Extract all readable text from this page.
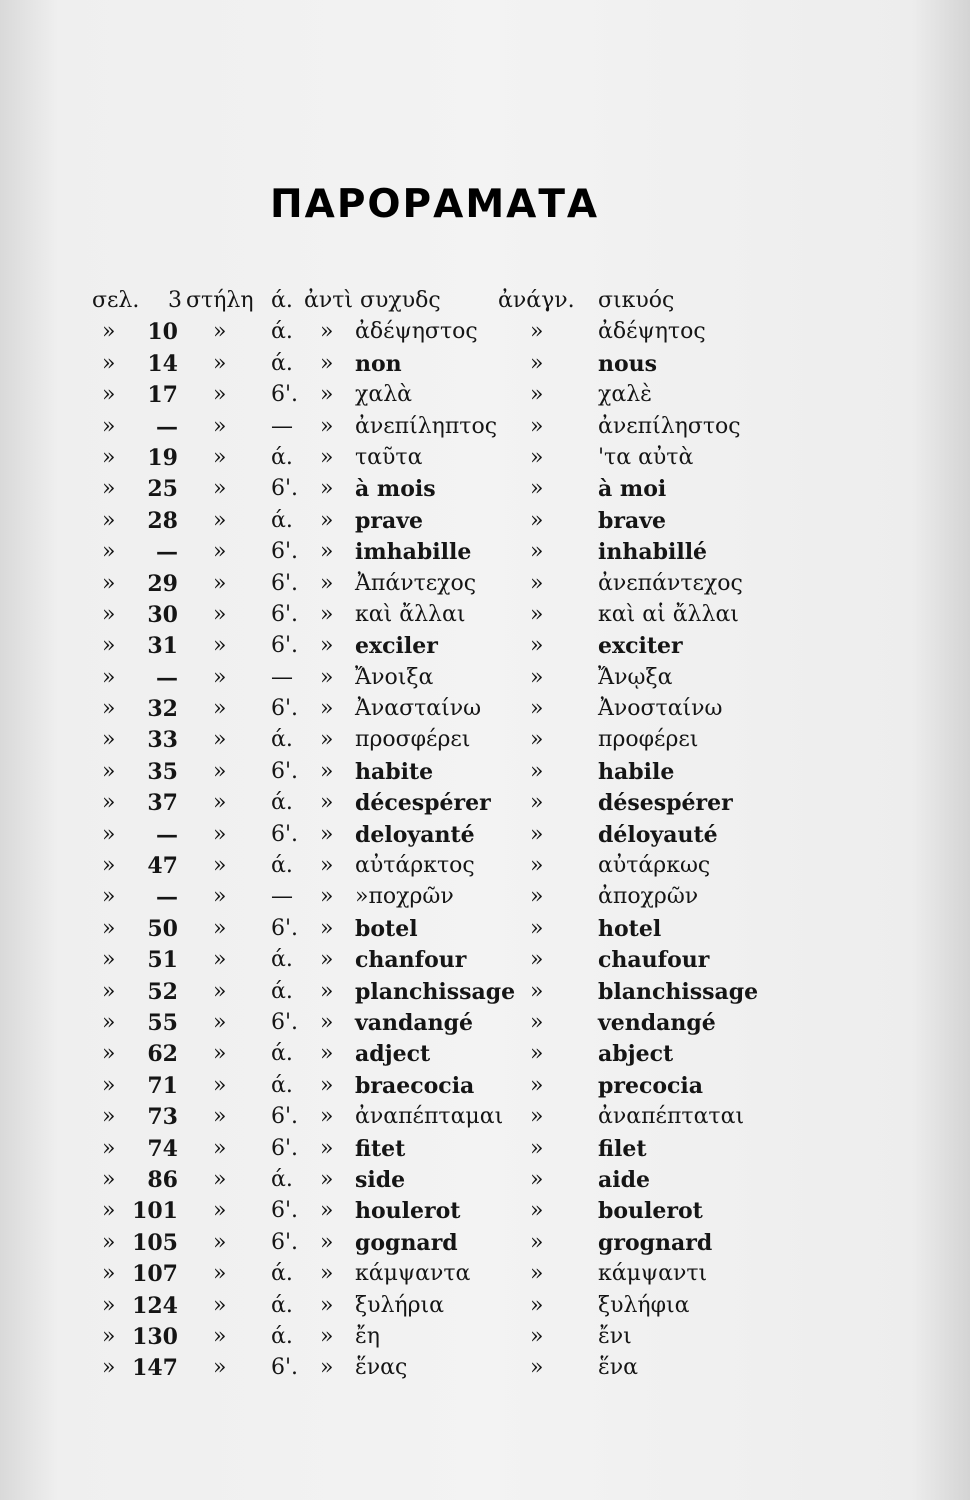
ΠΑΡΟΡΑΜΑΤΑ
σελ.	3 στήλη ά. ἀντὶ συχυδς	ἀνάγν. σικυός
»	10 » ά. » ἀδέψηστος » ἀδέψητος
»	14 » ά. » non	» nous
»	17 » 6'. » χαλὰ	» χαλὲ
»	— » — » ἀνεπίληπτος » ἀνεπίληστος
»	19 » ά. » ταῦτα	» 'τα αὐτὰ
»	25 » 6'. » à mois	» à moi
»	28 » ά. » prave	» brave
»	— » 6'. » imhabille	» inhabillé
»	29 » 6'. » Ἀπάντεχος » ἀνεπάντεχος
»	30 » 6'. » καὶ ἄλλαι	» καὶ αἱ ἄλλαι
»	31 » 6'. » exciler	» exciter
»	— » — » Ἄνοιξα	» Ἄνῳξα
»	32 » 6'. » Ἀνασταίνω » Ἀνοσταίνω
»	33 » ά. » προσφέρει	» προφέρει
»	35 » 6'. » habite	» habile
»	37 » ά. » décespérer » désespérer
»	— » 6'. » deloyanté	» déloyauté
»	47 » ά. » αὐτάρκτος	» αὐτάρκως
»	— » — » »ποχρῶν	» ἀποχρῶν
»	50 » 6'. » botel	» hotel
»	51 » ά. » chanfour	» chaufour
»	52 » ά. » planchissage » blanchissage
»	55 » 6'. » vandangé	» vendangé
»	62 » ά. » adject	» abject
»	71 » ά. » braecocia	» precocia
»	73 » 6'. » ἀναπέπταμαι » ἀναπέπταται
»	74 » 6'. » fitet	» filet
»	86 » ά. » side	» aide
» 101 » 6'. » houlerot	» boulerot
» 105 » 6'. » gognard	» grognard
» 107 » ά. » κάμψαντα	» κάμψαντι
» 124 » ά. » ξυλήρια	» ξυλήφια
» 130 » ά. » ἔη	» ἔνι
» 147 » 6'. » ἕνας	» ἕνα
